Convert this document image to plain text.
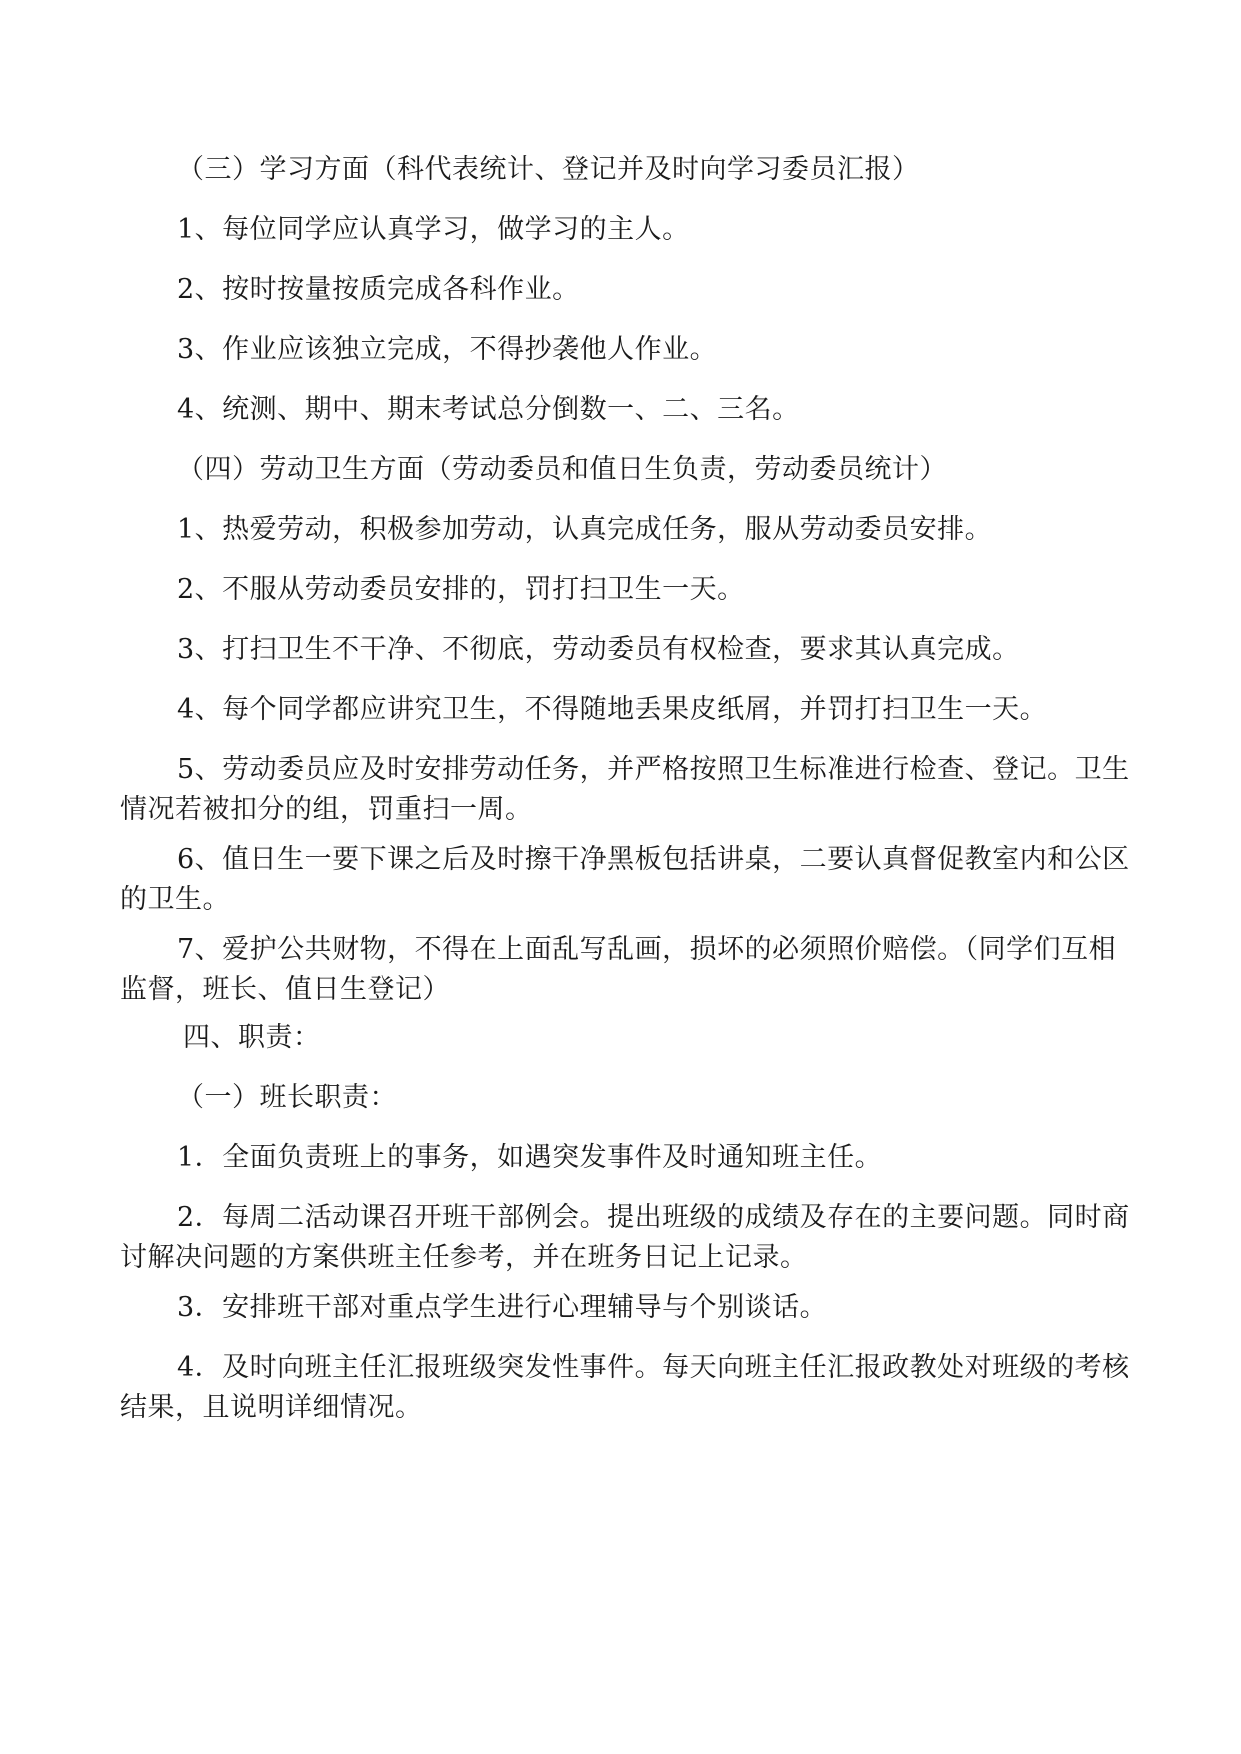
（三）学习方面（科代表统计、登记并及时向学习委员汇报）
1、每位同学应认真学习，做学习的主人。
2、按时按量按质完成各科作业。
3、作业应该独立完成，不得抄袭他人作业。
4、统测、期中、期末考试总分倒数一、二、三名。
（四）劳动卫生方面（劳动委员和值日生负责，劳动委员统计）
1、热爱劳动，积极参加劳动，认真完成任务，服从劳动委员安排。
2、不服从劳动委员安排的，罚打扫卫生一天。
3、打扫卫生不干净、不彻底，劳动委员有权检查，要求其认真完成。
4、每个同学都应讲究卫生，不得随地丢果皮纸屑，并罚打扫卫生一天。
5、劳动委员应及时安排劳动任务，并严格按照卫生标准进行检查、登记。卫生情况若被扣分的组，罚重扫一周。
6、值日生一要下课之后及时擦干净黑板包括讲桌，二要认真督促教室内和公区的卫生。
7、爱护公共财物，不得在上面乱写乱画，损坏的必须照价赔偿。（同学们互相监督，班长、值日生登记）
四、职责：
（一）班长职责：
1．全面负责班上的事务，如遇突发事件及时通知班主任。
2．每周二活动课召开班干部例会。提出班级的成绩及存在的主要问题。同时商讨解决问题的方案供班主任参考，并在班务日记上记录。
3．安排班干部对重点学生进行心理辅导与个别谈话。
4．及时向班主任汇报班级突发性事件。每天向班主任汇报政教处对班级的考核结果，且说明详细情况。
